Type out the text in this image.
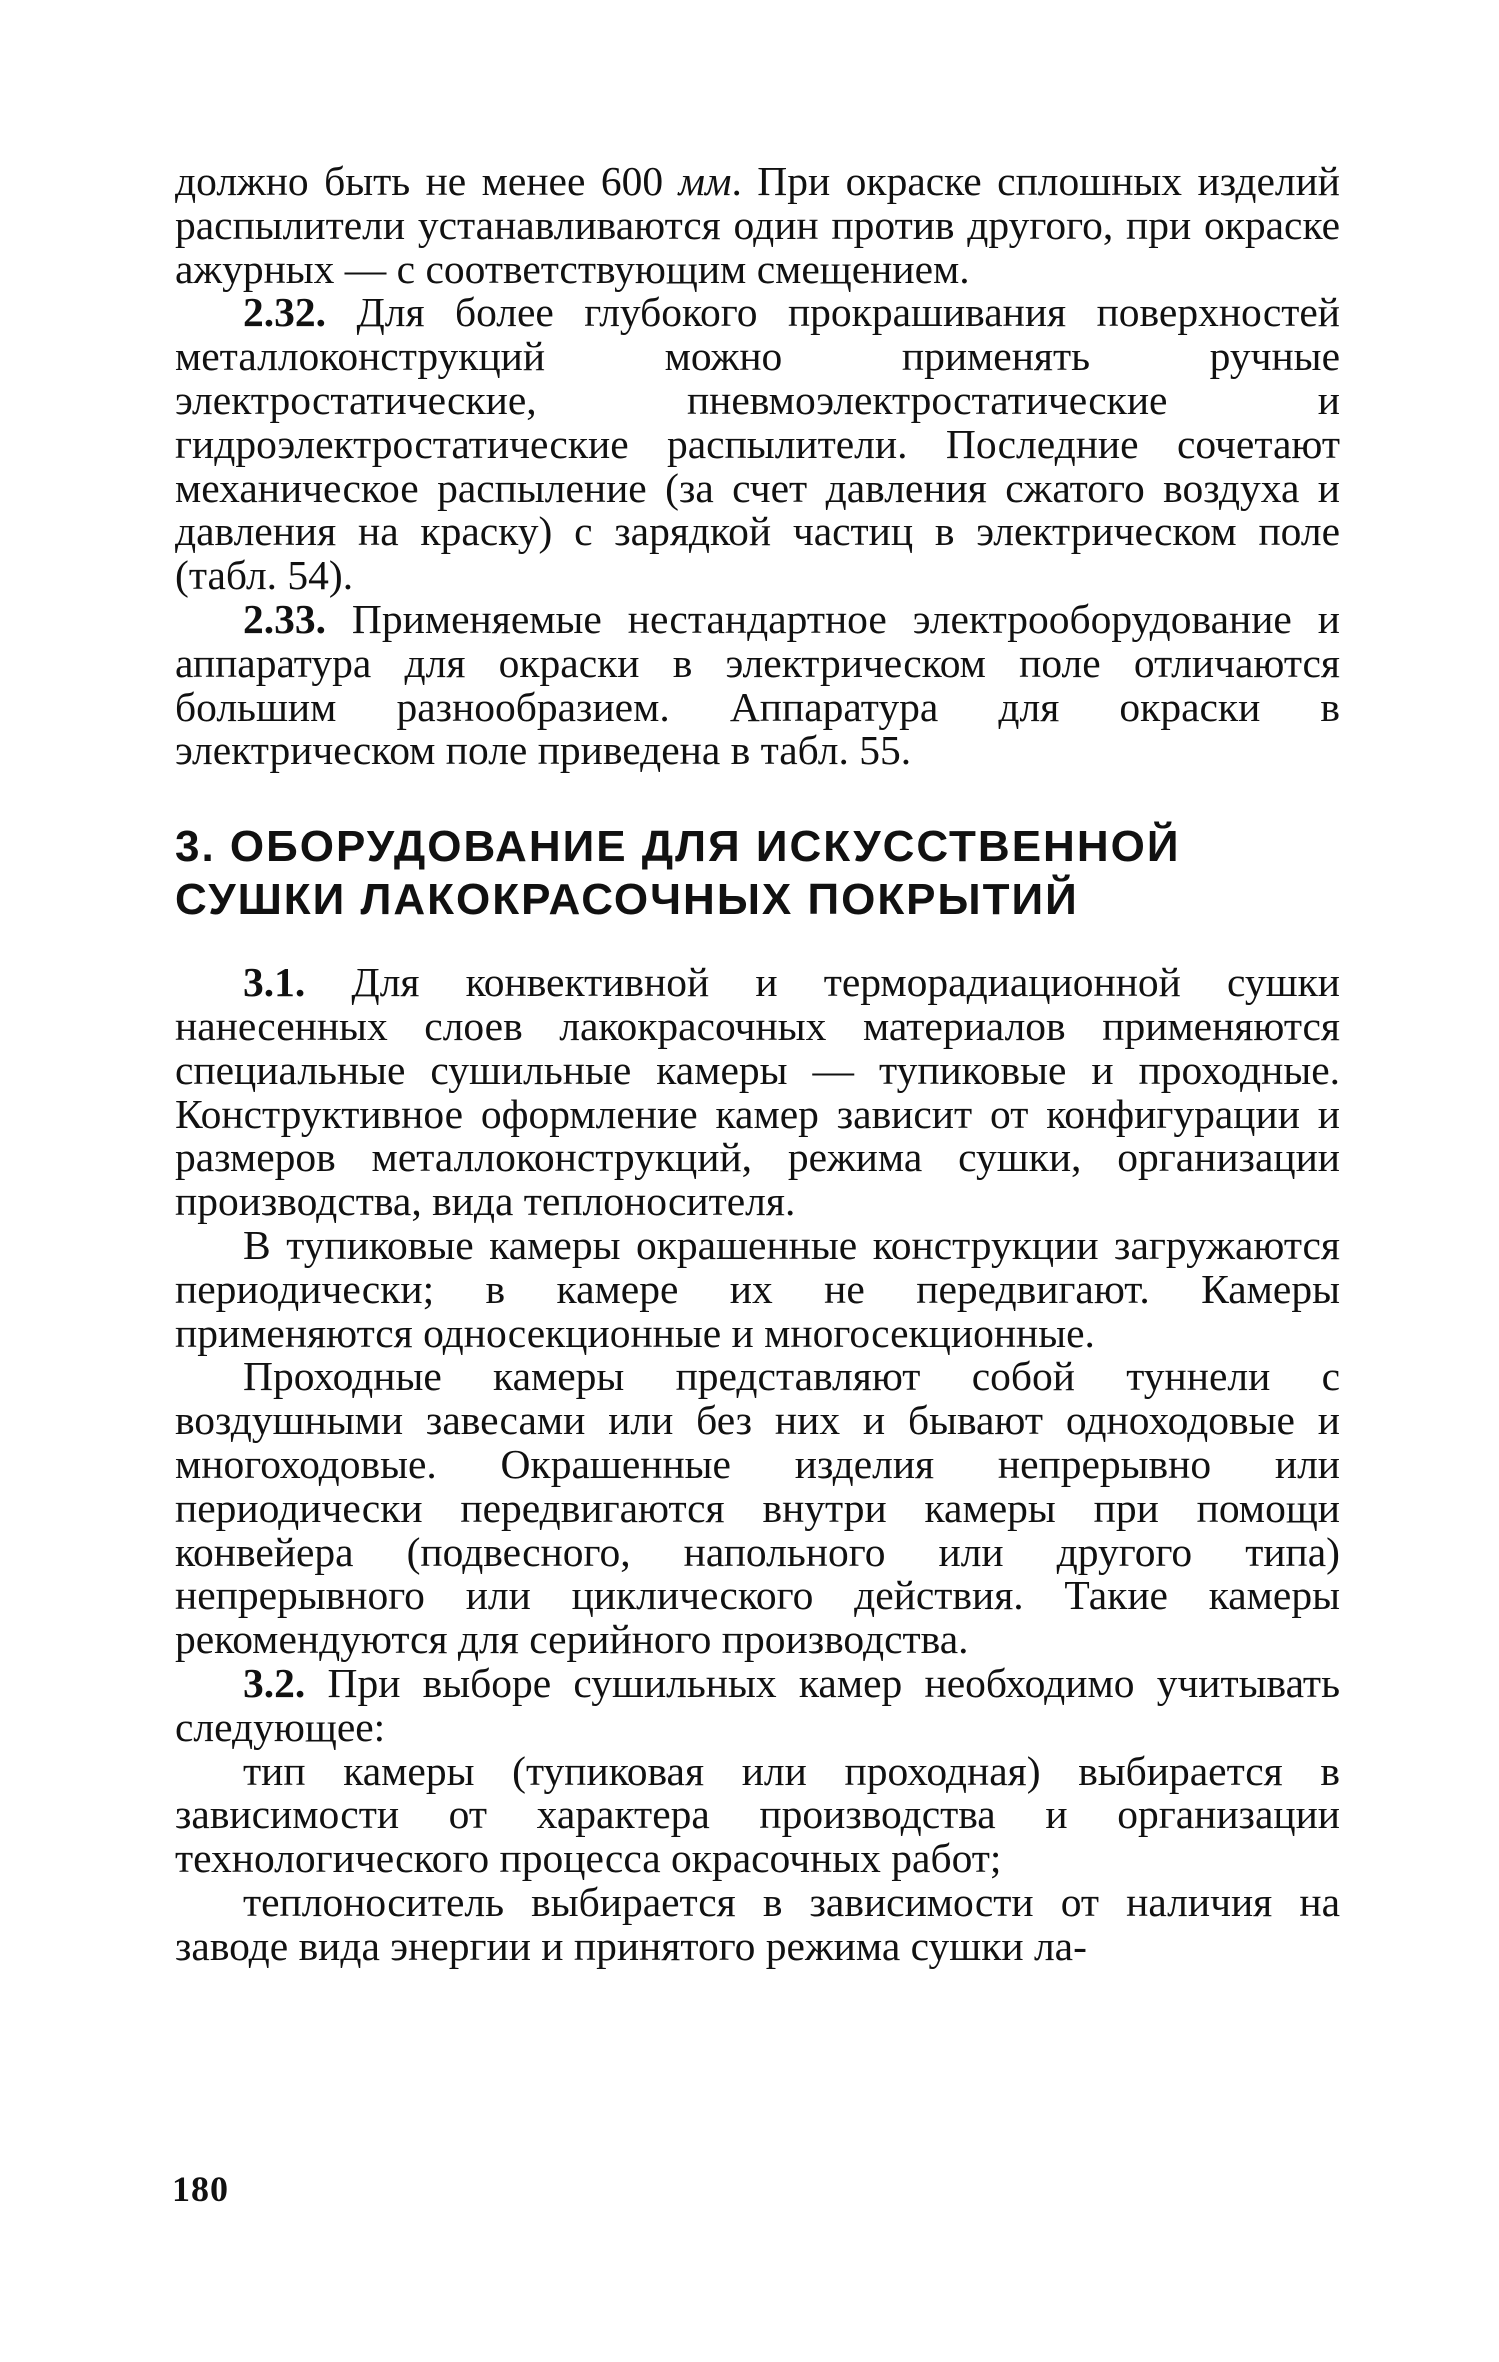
должно быть не менее 600 мм. При окраске сплошных изделий распылители устанавливаются один против другого, при окраске ажурных — с соответствующим смещением.

2.32. Для более глубокого прокрашивания поверхностей металлоконструкций можно применять ручные электростатические, пневмоэлектростатические и гидроэлектростатические распылители. Последние сочетают механическое распыление (за счет давления сжатого воздуха и давления на краску) с зарядкой частиц в электрическом поле (табл. 54).

2.33. Применяемые нестандартное электрооборудование и аппаратура для окраски в электрическом поле отличаются большим разнообразием. Аппаратура для окраски в электрическом поле приведена в табл. 55.

3. ОБОРУДОВАНИЕ ДЛЯ ИСКУССТВЕННОЙ
СУШКИ ЛАКОКРАСОЧНЫХ ПОКРЫТИЙ

3.1. Для конвективной и терморадиационной сушки нанесенных слоев лакокрасочных материалов применяются специальные сушильные камеры — тупиковые и проходные. Конструктивное оформление камер зависит от конфигурации и размеров металлоконструкций, режима сушки, организации производства, вида теплоносителя.

В тупиковые камеры окрашенные конструкции загружаются периодически; в камере их не передвигают. Камеры применяются односекционные и многосекционные.

Проходные камеры представляют собой туннели с воздушными завесами или без них и бывают одноходовые и многоходовые. Окрашенные изделия непрерывно или периодически передвигаются внутри камеры при помощи конвейера (подвесного, напольного или другого типа) непрерывного или циклического действия. Такие камеры рекомендуются для серийного производства.

3.2. При выборе сушильных камер необходимо учитывать следующее:

тип камеры (тупиковая или проходная) выбирается в зависимости от характера производства и организации технологического процесса окрасочных работ;

теплоноситель выбирается в зависимости от наличия на заводе вида энергии и принятого режима сушки ла-

180
